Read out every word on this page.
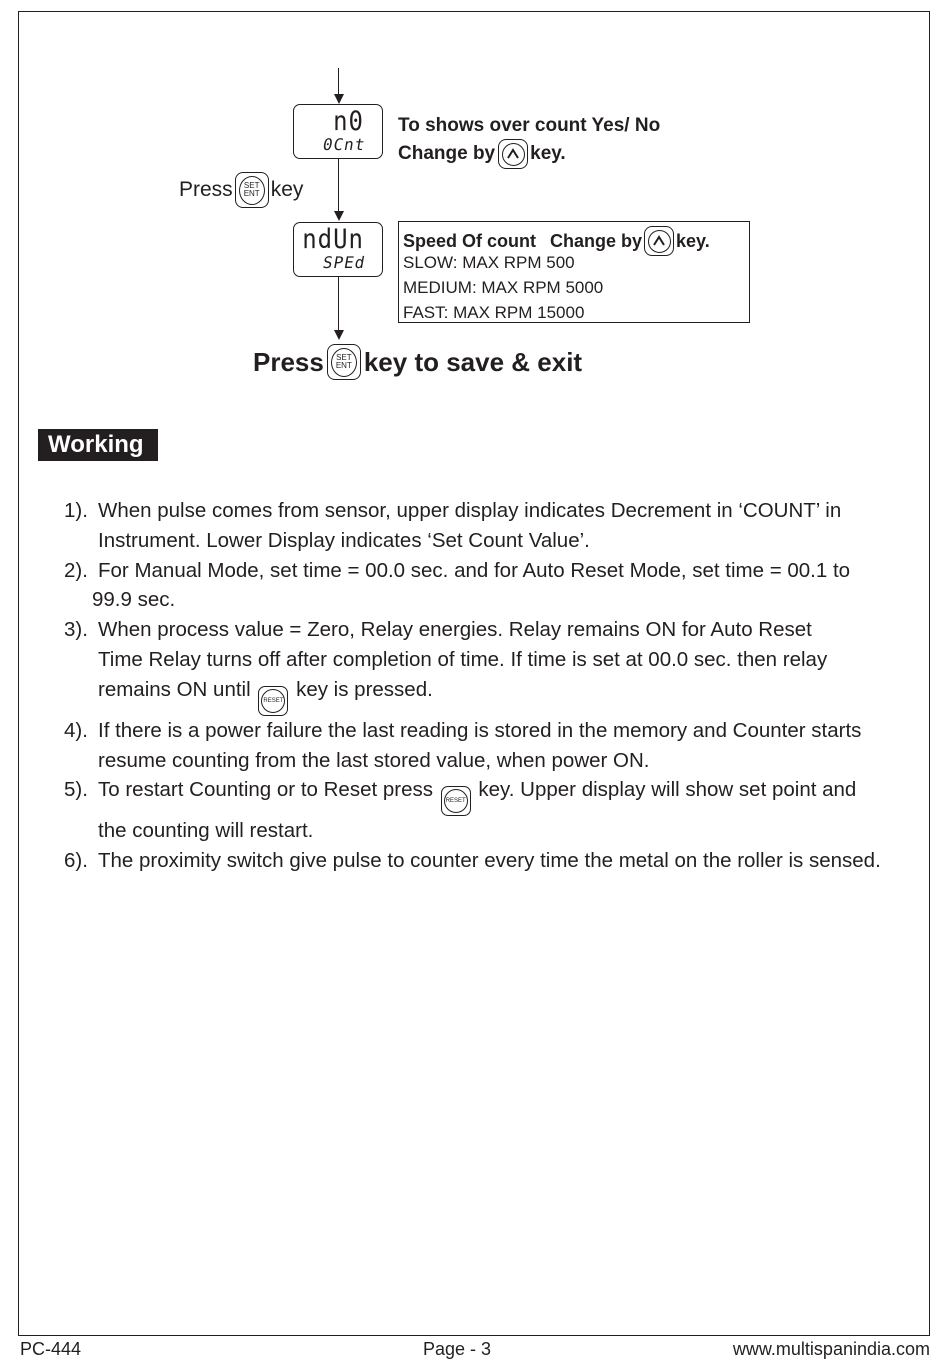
n0
0Cnt
To shows over count Yes/ No
Change by key.
Press SET
ENT key
ndUn
SPEd
Speed Of count Change by key.
SLOW: MAX RPM 500
MEDIUM: MAX RPM 5000
FAST: MAX RPM 15000
Press SET
ENT key to save & exit
Working
1). When pulse comes from sensor, upper display indicates Decrement in ‘COUNT’ in
Instrument. Lower Display indicates ‘Set Count Value’.
2). For Manual Mode, set time = 00.0 sec. and for Auto Reset Mode, set time = 00.1 to
99.9 sec.
3). When process value = Zero, Relay energies. Relay remains ON for Auto Reset
Time Relay turns off after completion of time. If time is set at 00.0 sec. then relay
remains ON until	RESET key is pressed.
4). If there is a power failure the last reading is stored in the memory and Counter starts
resume counting from the last stored value, when power ON.
5). To restart Counting or to Reset press	RESET key. Upper display will show set point and
the counting will restart.
6). The proximity switch give pulse to counter every time the metal on the roller is sensed.
PC-444	Page - 3	www.multispanindia.com
